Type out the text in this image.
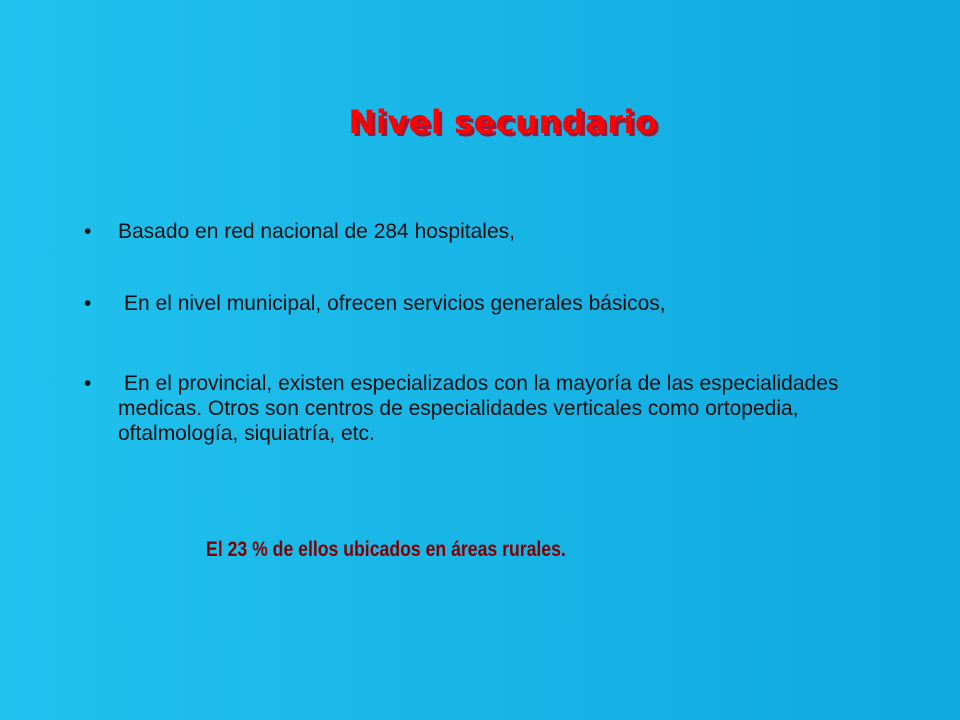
Nivel secundario
•	Basado en red nacional de 284 hospitales,
•	En el nivel municipal, ofrecen servicios generales básicos,
•	En el provincial, existen especializados con la mayoría de las especialidades medicas. Otros son centros de especialidades verticales como ortopedia, oftalmología, siquiatría, etc.
El 23 % de ellos ubicados en áreas rurales.
